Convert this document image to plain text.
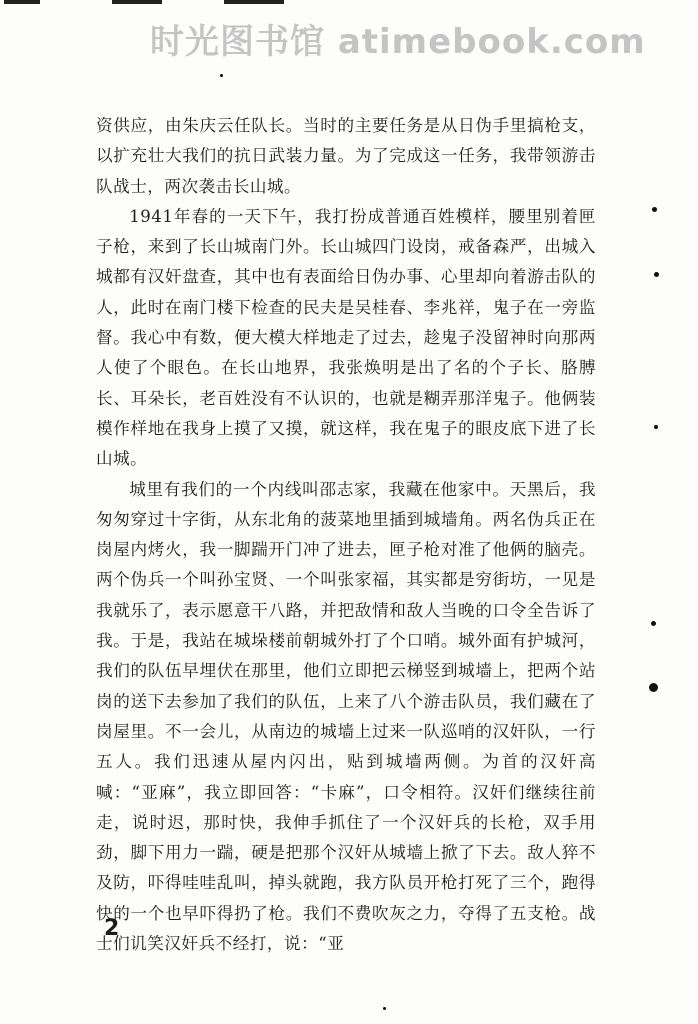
时光图书馆 atimebook.com

资供应，由朱庆云任队长。当时的主要任务是从日伪手里搞枪支，以扩充壮大我们的抗日武装力量。为了完成这一任务，我带领游击队战士，两次袭击长山城。

1941年春的一天下午，我打扮成普通百姓模样，腰里别着匣子枪，来到了长山城南门外。长山城四门设岗，戒备森严，出城入城都有汉奸盘查，其中也有表面给日伪办事、心里却向着游击队的人，此时在南门楼下检查的民夫是吴桂春、李兆祥，鬼子在一旁监督。我心中有数，便大模大样地走了过去，趁鬼子没留神时向那两人使了个眼色。在长山地界，我张焕明是出了名的个子长、胳膊长、耳朵长，老百姓没有不认识的，也就是糊弄那洋鬼子。他俩装模作样地在我身上摸了又摸，就这样，我在鬼子的眼皮底下进了长山城。

城里有我们的一个内线叫邵志家，我藏在他家中。天黑后，我匆匆穿过十字街，从东北角的菠菜地里插到城墙角。两名伪兵正在岗屋内烤火，我一脚踹开门冲了进去，匣子枪对准了他俩的脑壳。两个伪兵一个叫孙宝贤、一个叫张家福，其实都是穷街坊，一见是我就乐了，表示愿意干八路，并把敌情和敌人当晚的口令全告诉了我。于是，我站在城垛楼前朝城外打了个口哨。城外面有护城河，我们的队伍早埋伏在那里，他们立即把云梯竖到城墙上，把两个站岗的送下去参加了我们的队伍，上来了八个游击队员，我们藏在了岗屋里。不一会儿，从南边的城墙上过来一队巡哨的汉奸队，一行五人。我们迅速从屋内闪出，贴到城墙两侧。为首的汉奸高喊：“亚麻”，我立即回答：“卡麻”，口令相符。汉奸们继续往前走，说时迟，那时快，我伸手抓住了一个汉奸兵的长枪，双手用劲，脚下用力一踹，硬是把那个汉奸从城墙上掀了下去。敌人猝不及防，吓得哇哇乱叫，掉头就跑，我方队员开枪打死了三个，跑得快的一个也早吓得扔了枪。我们不费吹灰之力，夺得了五支枪。战士们讥笑汉奸兵不经打，说：“亚

2
